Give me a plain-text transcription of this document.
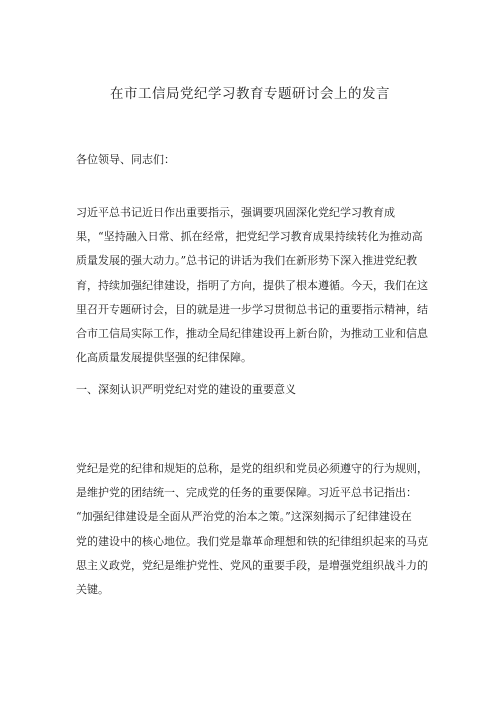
在市工信局党纪学习教育专题研讨会上的发言
各位领导、同志们：
习近平总书记近日作出重要指示，强调要巩固深化党纪学习教育成
果，“坚持融入日常、抓在经常，把党纪学习教育成果持续转化为推动高
质量发展的强大动力。”总书记的讲话为我们在新形势下深入推进党纪教
育，持续加强纪律建设，指明了方向，提供了根本遵循。今天，我们在这
里召开专题研讨会，目的就是进一步学习贯彻总书记的重要指示精神，结
合市工信局实际工作，推动全局纪律建设再上新台阶，为推动工业和信息
化高质量发展提供坚强的纪律保障。
一、深刻认识严明党纪对党的建设的重要意义
党纪是党的纪律和规矩的总称，是党的组织和党员必须遵守的行为规则，
是维护党的团结统一、完成党的任务的重要保障。习近平总书记指出：
“加强纪律建设是全面从严治党的治本之策。”这深刻揭示了纪律建设在
党的建设中的核心地位。我们党是靠革命理想和铁的纪律组织起来的马克
思主义政党，党纪是维护党性、党风的重要手段，是增强党组织战斗力的
关键。
